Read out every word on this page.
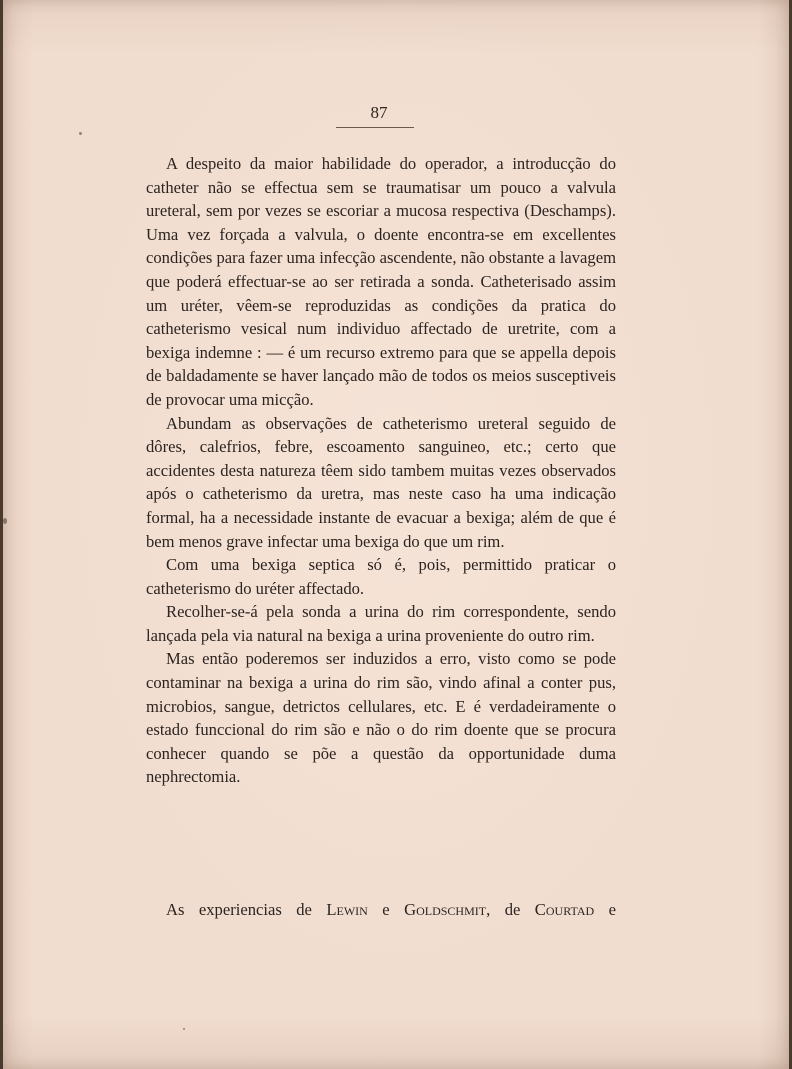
87

A despeito da maior habilidade do operador, a introducção do catheter não se effectua sem se traumatisar um pouco a valvula ureteral, sem por vezes se escoriar a mucosa respectiva (Deschamps). Uma vez forçada a valvula, o doente encontra-se em excellentes condições para fazer uma infecção ascendente, não obstante a lavagem que poderá effectuar-se ao ser retirada a sonda. Catheterisado assim um uréter, vêem-se reproduzidas as condições da pratica do catheterismo vesical num individuo affectado de uretrite, com a bexiga indemne : — é um recurso extremo para que se appella depois de baldadamente se haver lançado mão de todos os meios susceptiveis de provocar uma micção.

Abundam as observações de catheterismo ureteral seguido de dôres, calefrios, febre, escoamento sanguineo, etc.; certo que accidentes desta natureza têem sido tambem muitas vezes observados após o catheterismo da uretra, mas neste caso ha uma indicação formal, ha a necessidade instante de evacuar a bexiga; além de que é bem menos grave infectar uma bexiga do que um rim.

Com uma bexiga septica só é, pois, permittido praticar o catheterismo do uréter affectado.

Recolher-se-á pela sonda a urina do rim correspondente, sendo lançada pela via natural na bexiga a urina proveniente do outro rim.

Mas então poderemos ser induzidos a erro, visto como se pode contaminar na bexiga a urina do rim são, vindo afinal a conter pus, microbios, sangue, detrictos cellulares, etc. E é verdadeiramente o estado funccional do rim são e não o do rim doente que se procura conhecer quando se põe a questão da opportunidade duma nephrectomia.

As experiencias de Lewin e Goldschmit, de Courtad e
